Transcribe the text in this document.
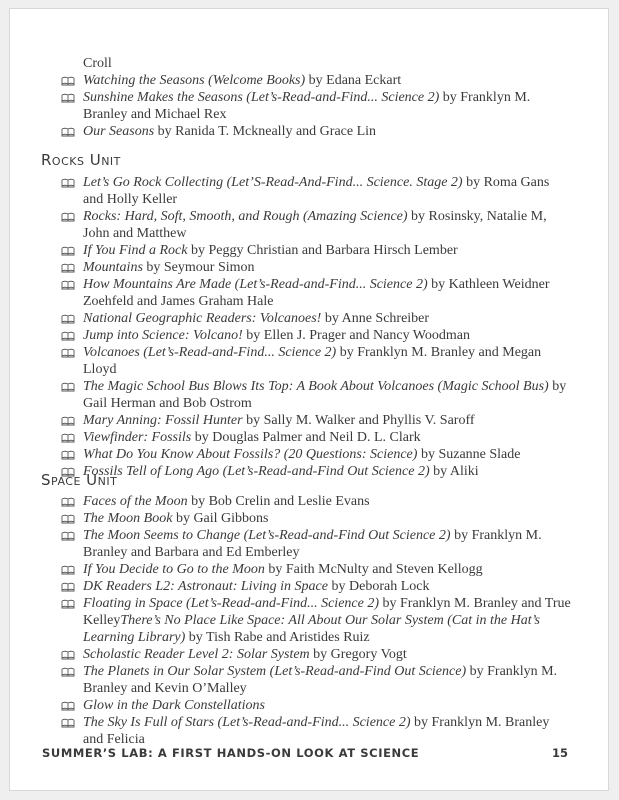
Croll
Watching the Seasons (Welcome Books) by Edana Eckart
Sunshine Makes the Seasons (Let’s-Read-and-Find... Science 2) by Franklyn M. Branley and Michael Rex
Our Seasons by Ranida T. Mckneally and Grace Lin
Rocks Unit
Let’s Go Rock Collecting (Let’S-Read-And-Find... Science. Stage 2) by Roma Gans and Holly Keller
Rocks: Hard, Soft, Smooth, and Rough (Amazing Science) by Rosinsky, Natalie M, John and Matthew
If You Find a Rock by Peggy Christian and Barbara Hirsch Lember
Mountains by Seymour Simon
How Mountains Are Made (Let’s-Read-and-Find... Science 2) by Kathleen Weidner Zoehfeld and James Graham Hale
National Geographic Readers: Volcanoes! by Anne Schreiber
Jump into Science: Volcano! by Ellen J. Prager and Nancy Woodman
Volcanoes (Let’s-Read-and-Find... Science 2) by Franklyn M. Branley and Megan Lloyd
The Magic School Bus Blows Its Top: A Book About Volcanoes (Magic School Bus) by Gail Herman and Bob Ostrom
Mary Anning: Fossil Hunter by Sally M. Walker and Phyllis V. Saroff
Viewfinder: Fossils by Douglas Palmer and Neil D. L. Clark
What Do You Know About Fossils? (20 Questions: Science) by Suzanne Slade
Fossils Tell of Long Ago (Let’s-Read-and-Find Out Science 2) by Aliki
Space Unit
Faces of the Moon by Bob Crelin and Leslie Evans
The Moon Book by Gail Gibbons
The Moon Seems to Change (Let’s-Read-and-Find Out Science 2) by Franklyn M. Branley and Barbara and Ed Emberley
If You Decide to Go to the Moon by Faith McNulty and Steven Kellogg
DK Readers L2: Astronaut: Living in Space by Deborah Lock
Floating in Space (Let’s-Read-and-Find... Science 2) by Franklyn M. Branley and True KelleyThere’s No Place Like Space: All About Our Solar System (Cat in the Hat’s Learning Library) by Tish Rabe and Aristides Ruiz
Scholastic Reader Level 2: Solar System by Gregory Vogt
The Planets in Our Solar System (Let’s-Read-and-Find Out Science) by Franklyn M. Branley and Kevin O’Malley
Glow in the Dark Constellations
The Sky Is Full of Stars (Let’s-Read-and-Find... Science 2) by Franklyn M. Branley and Felicia
SUMMER’S LAB: A FIRST HANDS-ON LOOK AT SCIENCE	15
